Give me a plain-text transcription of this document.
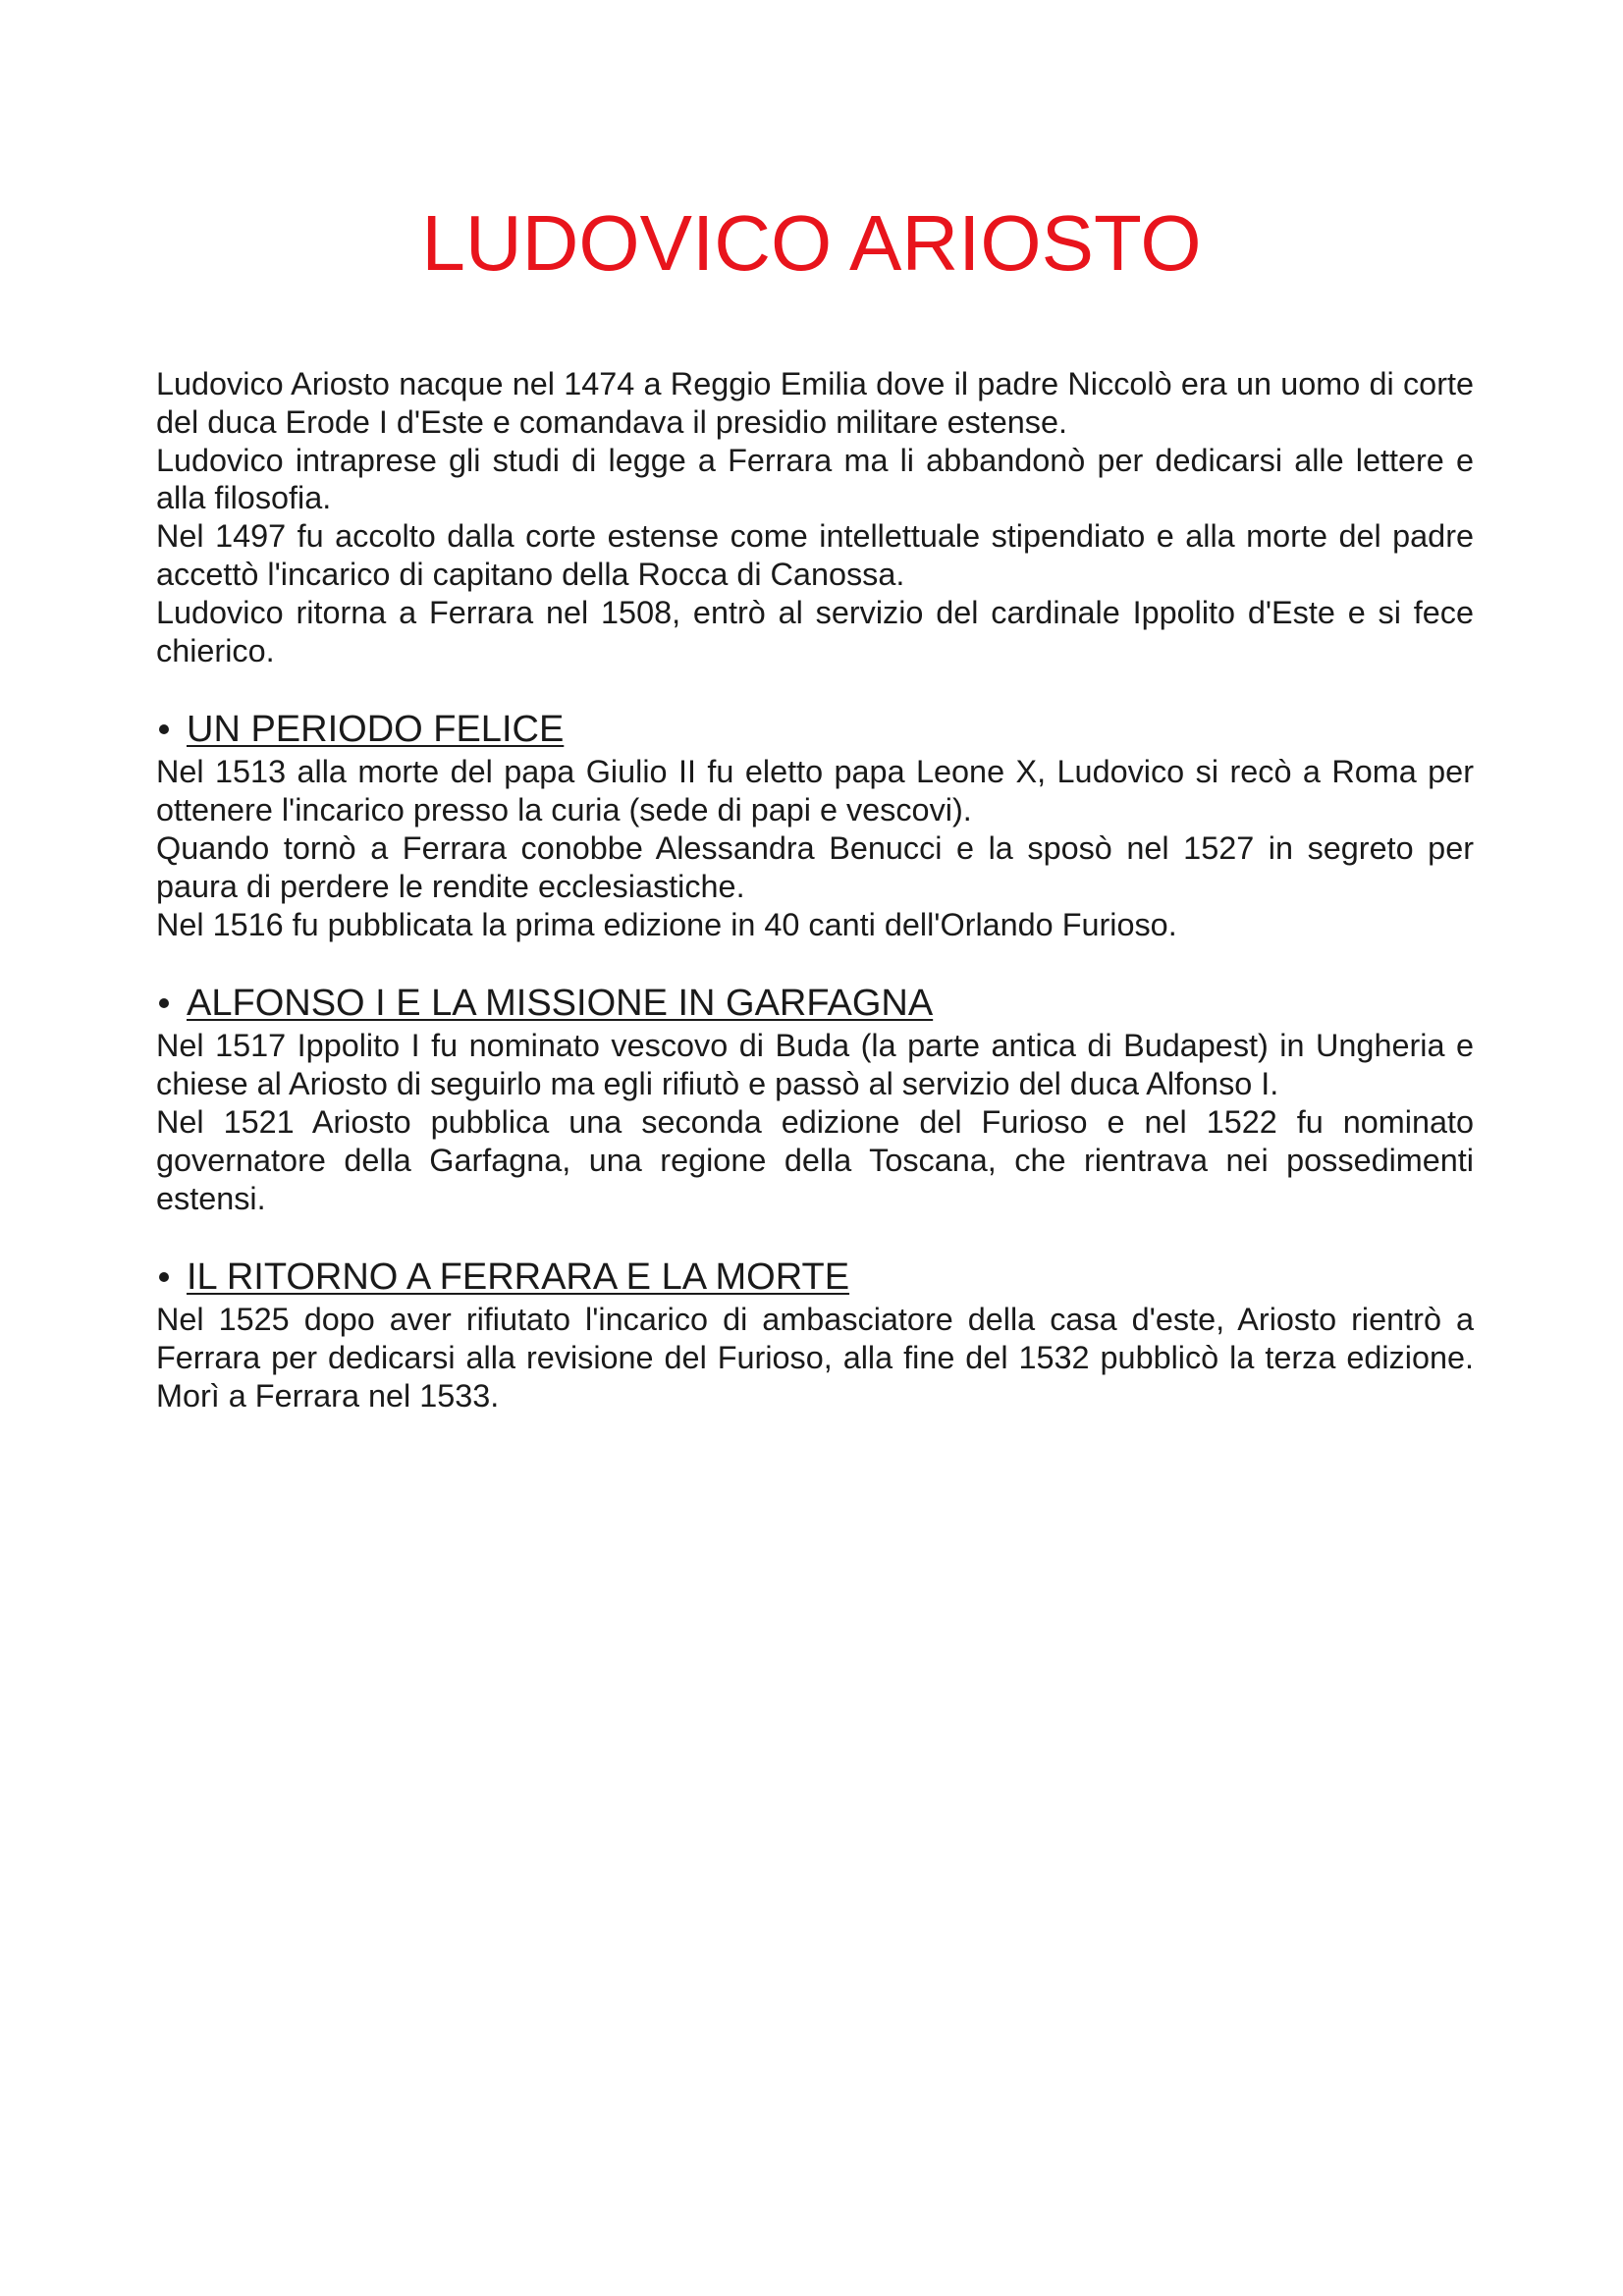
LUDOVICO ARIOSTO

Ludovico Ariosto nacque nel 1474 a Reggio Emilia dove il padre Niccolò era un uomo di corte del duca Erode I d'Este e comandava il presidio militare estense.

Ludovico intraprese gli studi di legge a Ferrara ma li abbandonò per dedicarsi alle lettere e alla filosofia.

Nel 1497 fu accolto dalla corte estense come intellettuale stipendiato e alla morte del padre accettò l'incarico di capitano della Rocca di Canossa.

Ludovico ritorna a Ferrara nel 1508, entrò al servizio del cardinale Ippolito d'Este e si fece chierico.

UN PERIODO FELICE

Nel 1513 alla morte del papa Giulio II fu eletto papa Leone X, Ludovico si recò a Roma per ottenere l'incarico presso la curia (sede di papi e vescovi).

Quando tornò a Ferrara conobbe Alessandra Benucci e la sposò nel 1527 in segreto per paura di perdere le rendite ecclesiastiche.

Nel 1516 fu pubblicata la prima edizione in 40 canti dell'Orlando Furioso.

ALFONSO I E LA MISSIONE IN GARFAGNA

Nel 1517 Ippolito I fu nominato vescovo di Buda (la parte antica di Budapest) in Ungheria e chiese al Ariosto di seguirlo ma egli rifiutò e passò al servizio del duca Alfonso I.

Nel 1521 Ariosto pubblica una seconda edizione del Furioso e nel 1522 fu nominato governatore della Garfagna, una regione della Toscana, che rientrava nei possedimenti estensi.

IL RITORNO A FERRARA E LA MORTE

Nel 1525 dopo aver rifiutato l'incarico di ambasciatore della casa d'este, Ariosto rientrò a Ferrara per dedicarsi alla revisione del Furioso, alla fine del 1532 pubblicò la terza edizione. Morì a Ferrara nel 1533.
